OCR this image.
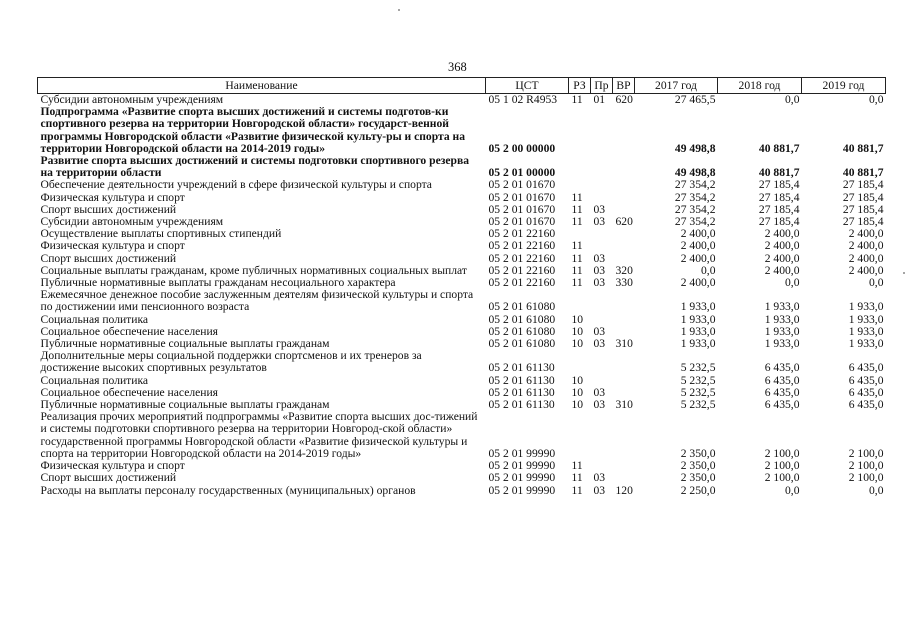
368
Наименование	ЦСТ	РЗ	Пр	ВР	2017 год	2018 год	2019 год
Субсидии автономным учреждениям	05 1 02 R4953	11	01	620	27 465,5	0,0	0,0
Подпрограмма «Развитие спорта высших достижений и системы подготов-ки спортивного резерва на территории Новгородской области» государст-венной программы Новгородской области «Развитие физической культу-ры и спорта на территории Новгородской области на 2014-2019 годы»	05 2 00 00000				49 498,8	40 881,7	40 881,7
Развитие спорта высших достижений и системы подготовки спортивного резерва на территории области	05 2 01 00000				49 498,8	40 881,7	40 881,7
Обеспечение деятельности учреждений в сфере физической культуры и спорта	05 2 01 01670				27 354,2	27 185,4	27 185,4
Физическая культура и спорт	05 2 01 01670	11			27 354,2	27 185,4	27 185,4
Спорт высших достижений	05 2 01 01670	11	03		27 354,2	27 185,4	27 185,4
Субсидии автономным учреждениям	05 2 01 01670	11	03	620	27 354,2	27 185,4	27 185,4
Осуществление выплаты спортивных стипендий	05 2 01 22160				2 400,0	2 400,0	2 400,0
Физическая культура и спорт	05 2 01 22160	11			2 400,0	2 400,0	2 400,0
Спорт высших достижений	05 2 01 22160	11	03		2 400,0	2 400,0	2 400,0
Социальные выплаты гражданам, кроме публичных нормативных социальных выплат	05 2 01 22160	11	03	320	0,0	2 400,0	2 400,0
Публичные нормативные выплаты гражданам несоциального характера	05 2 01 22160	11	03	330	2 400,0	0,0	0,0
Ежемесячное денежное пособие заслуженным деятелям физической культуры и спорта по достижении ими пенсионного возраста	05 2 01 61080				1 933,0	1 933,0	1 933,0
Социальная политика	05 2 01 61080	10			1 933,0	1 933,0	1 933,0
Социальное обеспечение населения	05 2 01 61080	10	03		1 933,0	1 933,0	1 933,0
Публичные нормативные социальные выплаты гражданам	05 2 01 61080	10	03	310	1 933,0	1 933,0	1 933,0
Дополнительные меры социальной поддержки спортсменов и их тренеров за достижение высоких спортивных результатов	05 2 01 61130				5 232,5	6 435,0	6 435,0
Социальная политика	05 2 01 61130	10			5 232,5	6 435,0	6 435,0
Социальное обеспечение населения	05 2 01 61130	10	03		5 232,5	6 435,0	6 435,0
Публичные нормативные социальные выплаты гражданам	05 2 01 61130	10	03	310	5 232,5	6 435,0	6 435,0
Реализация прочих мероприятий подпрограммы «Развитие спорта высших дос-тижений и системы подготовки спортивного резерва на территории Новгород-ской области» государственной программы Новгородской области «Развитие физической культуры и спорта на территории Новгородской области на 2014-2019 годы»	05 2 01 99990				2 350,0	2 100,0	2 100,0
Физическая культура и спорт	05 2 01 99990	11			2 350,0	2 100,0	2 100,0
Спорт высших достижений	05 2 01 99990	11	03		2 350,0	2 100,0	2 100,0
Расходы на выплаты персоналу государственных (муниципальных) органов	05 2 01 99990	11	03	120	2 250,0	0,0	0,0
